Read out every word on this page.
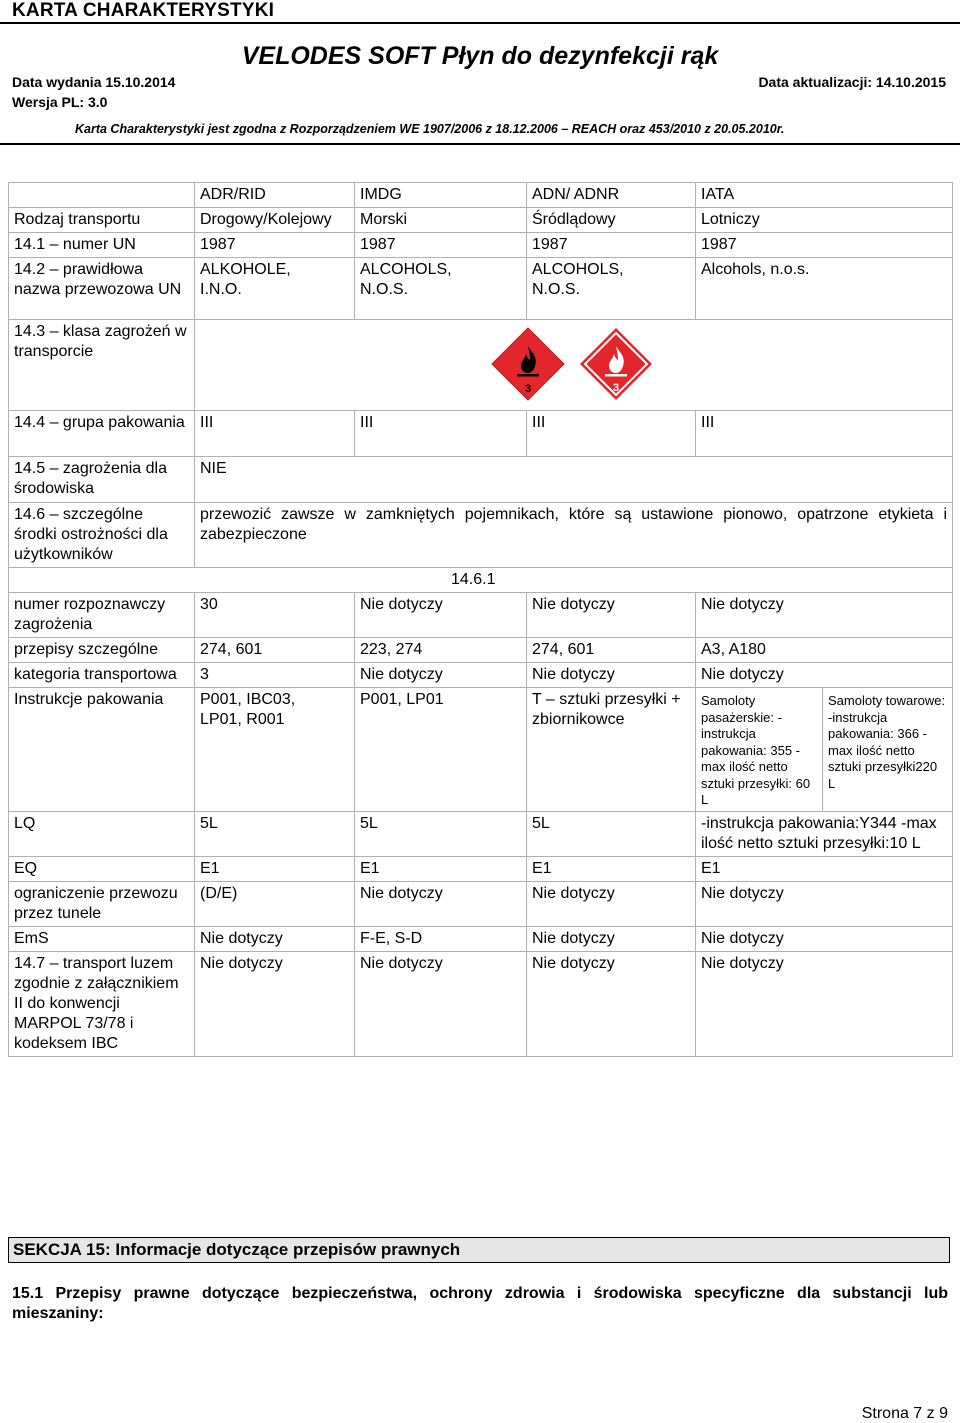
KARTA CHARAKTERYSTYKI
VELODES SOFT Płyn do dezynfekcji rąk
Data wydania 15.10.2014	Data aktualizacji: 14.10.2015
Wersja PL: 3.0
Karta Charakterystyki jest zgodna z Rozporządzeniem WE 1907/2006 z 18.12.2006 – REACH oraz 453/2010 z 20.05.2010r.
	ADR/RID	IMDG	ADN/ ADNR	IATA	
Rodzaj transportu	Drogowy/Kolejowy	Morski	Śródlądowy	Lotniczy	
14.1 – numer UN	1987	1987	1987	1987	
14.2 – prawidłowa nazwa przewozowa UN	ALKOHOLE, I.N.O.	ALCOHOLS, N.O.S.	ALCOHOLS, N.O.S.	Alcohols, n.o.s.	
14.3 – klasa zagrożeń w transporcie	3
3				

14.4 – grupa pakowania	III	III	III	III	
14.5 – zagrożenia dla środowiska	NIE				
14.6 – szczególne środki ostrożności dla użytkowników	przewozić zawsze w zamkniętych pojemnikach, które są ustawione pionowo, opatrzone etykieta i zabezpieczone				
14.6.1					
numer rozpoznawczy zagrożenia	30	Nie dotyczy	Nie dotyczy	Nie dotyczy	
przepisy szczególne	274, 601	223, 274	274, 601	A3, A180	
kategoria transportowa	3	Nie dotyczy	Nie dotyczy	Nie dotyczy	
Instrukcje pakowania	P001, IBC03, LP01, R001	P001, LP01	T – sztuki przesyłki + zbiornikowce	Samoloty pasażerskie: -instrukcja pakowania: 355 -max ilość netto sztuki przesyłki: 60 L	Samoloty towarowe: -instrukcja pakowania: 366 -max ilość netto sztuki przesyłki220 L
LQ	5L	5L	5L	-instrukcja pakowania:Y344 -max ilość netto sztuki przesyłki:10 L	
EQ	E1	E1	E1	E1	
ograniczenie przewozu przez tunele	(D/E)	Nie dotyczy	Nie dotyczy	Nie dotyczy	
EmS	Nie dotyczy	F-E, S-D	Nie dotyczy	Nie dotyczy	
14.7 – transport luzem zgodnie z załącznikiem II do konwencji MARPOL 73/78 i kodeksem IBC	Nie dotyczy	Nie dotyczy	Nie dotyczy	Nie dotyczy	
SEKCJA 15: Informacje dotyczące przepisów prawnych
15.1 Przepisy prawne dotyczące bezpieczeństwa, ochrony zdrowia i środowiska specyficzne dla substancji lub mieszaniny:
Strona 7 z 9
